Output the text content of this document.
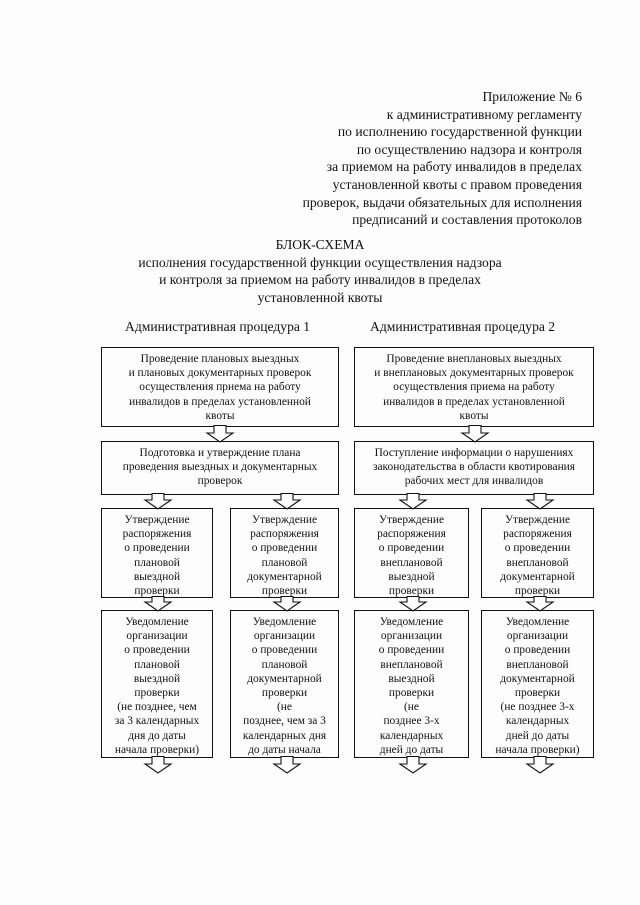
Приложение № 6
к административному регламенту
по исполнению государственной функции
по осуществлению надзора и контроля
за приемом на работу инвалидов в пределах
установленной квоты с правом проведения
проверок, выдачи обязательных для исполнения
предписаний и составления протоколов
БЛОК-СХЕМА
исполнения государственной функции осуществления надзора
и контроля за приемом на работу инвалидов в пределах
установленной квоты
Административная процедура 1	Административная процедура 2
Проведение плановых выездных
и плановых документарных проверок
осуществления приема на работу
инвалидов в пределах установленной
квоты
Проведение внеплановых выездных
и внеплановых документарных проверок
осуществления приема на работу
инвалидов в пределах установленной
квоты
Подготовка и утверждение плана
проведения выездных и документарных
проверок
Поступление информации о нарушениях
законодательства в области квотирования
рабочих мест для инвалидов
Утверждение
распоряжения
о проведении
плановой
выездной
проверки
Утверждение
распоряжения
о проведении
плановой
документарной
проверки
Утверждение
распоряжения
о проведении
внеплановой
выездной
проверки
Утверждение
распоряжения
о проведении
внеплановой
документарной
проверки
Уведомление
организации
о проведении
плановой
выездной
проверки
(не позднее, чем
за 3 календарных
дня до даты
начала проверки)
Уведомление
организации
о проведении
плановой
документарной
проверки
(не
позднее, чем за 3
календарных дня
до даты начала
Уведомление
организации
о проведении
внеплановой
выездной
проверки
(не
позднее 3-х
календарных
дней до даты
Уведомление
организации
о проведении
внеплановой
документарной
проверки
(не позднее 3-х
календарных
дней до даты
начала проверки)
